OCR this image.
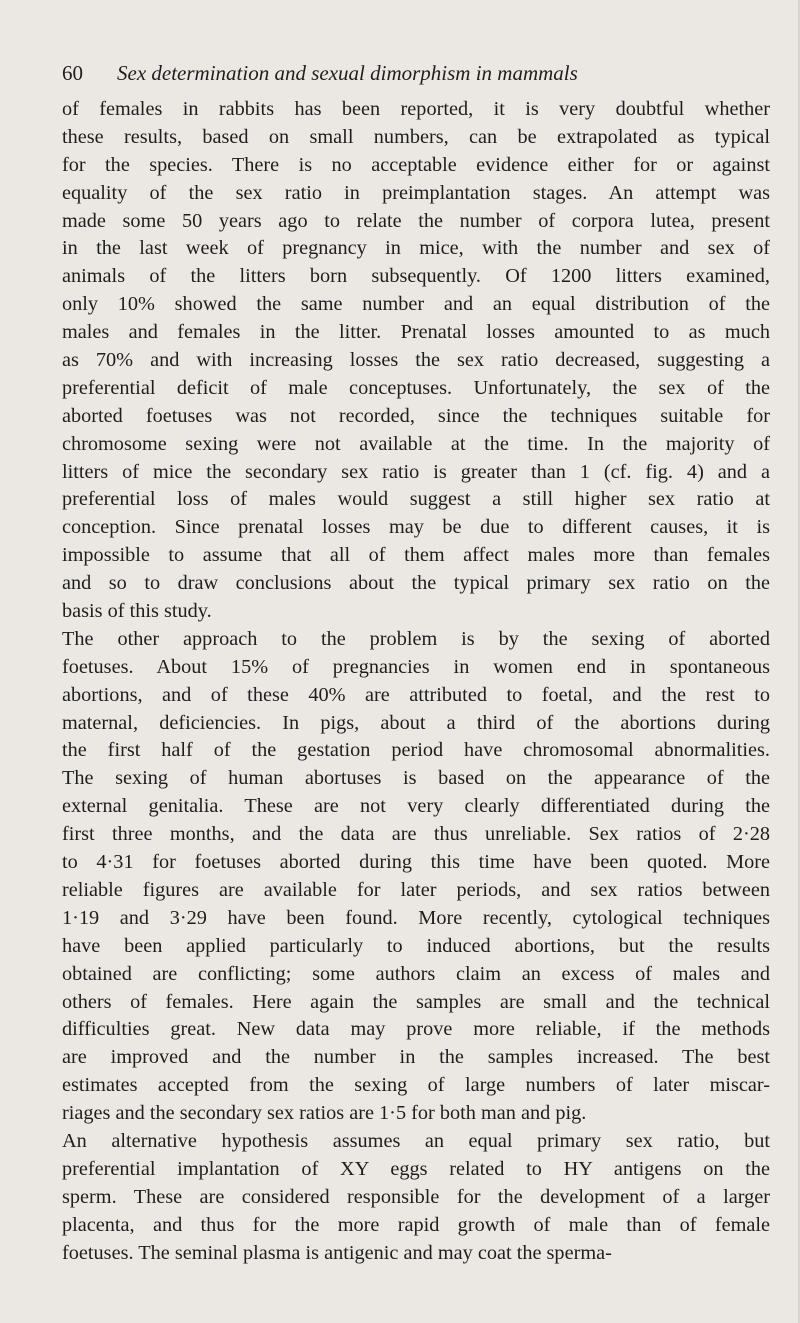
60 Sex determination and sexual dimorphism in mammals
of females in rabbits has been reported, it is very doubtful whether
these results, based on small numbers, can be extrapolated as typical
for the species. There is no acceptable evidence either for or against
equality of the sex ratio in preimplantation stages. An attempt was
made some 50 years ago to relate the number of corpora lutea, present
in the last week of pregnancy in mice, with the number and sex of
animals of the litters born subsequently. Of 1200 litters examined,
only 10% showed the same number and an equal distribution of the
males and females in the litter. Prenatal losses amounted to as much
as 70% and with increasing losses the sex ratio decreased, suggesting a
preferential deficit of male conceptuses. Unfortunately, the sex of the
aborted foetuses was not recorded, since the techniques suitable for
chromosome sexing were not available at the time. In the majority of
litters of mice the secondary sex ratio is greater than 1 (cf. fig. 4) and a
preferential loss of males would suggest a still higher sex ratio at
conception. Since prenatal losses may be due to different causes, it is
impossible to assume that all of them affect males more than females
and so to draw conclusions about the typical primary sex ratio on the
basis of this study.
The other approach to the problem is by the sexing of aborted
foetuses. About 15% of pregnancies in women end in spontaneous
abortions, and of these 40% are attributed to foetal, and the rest to
maternal, deficiencies. In pigs, about a third of the abortions during
the first half of the gestation period have chromosomal abnormalities.
The sexing of human abortuses is based on the appearance of the
external genitalia. These are not very clearly differentiated during the
first three months, and the data are thus unreliable. Sex ratios of 2·28
to 4·31 for foetuses aborted during this time have been quoted. More
reliable figures are available for later periods, and sex ratios between
1·19 and 3·29 have been found. More recently, cytological techniques
have been applied particularly to induced abortions, but the results
obtained are conflicting; some authors claim an excess of males and
others of females. Here again the samples are small and the technical
difficulties great. New data may prove more reliable, if the methods
are improved and the number in the samples increased. The best
estimates accepted from the sexing of large numbers of later miscar-
riages and the secondary sex ratios are 1·5 for both man and pig.
An alternative hypothesis assumes an equal primary sex ratio, but
preferential implantation of XY eggs related to HY antigens on the
sperm. These are considered responsible for the development of a larger
placenta, and thus for the more rapid growth of male than of female
foetuses. The seminal plasma is antigenic and may coat the sperma-
